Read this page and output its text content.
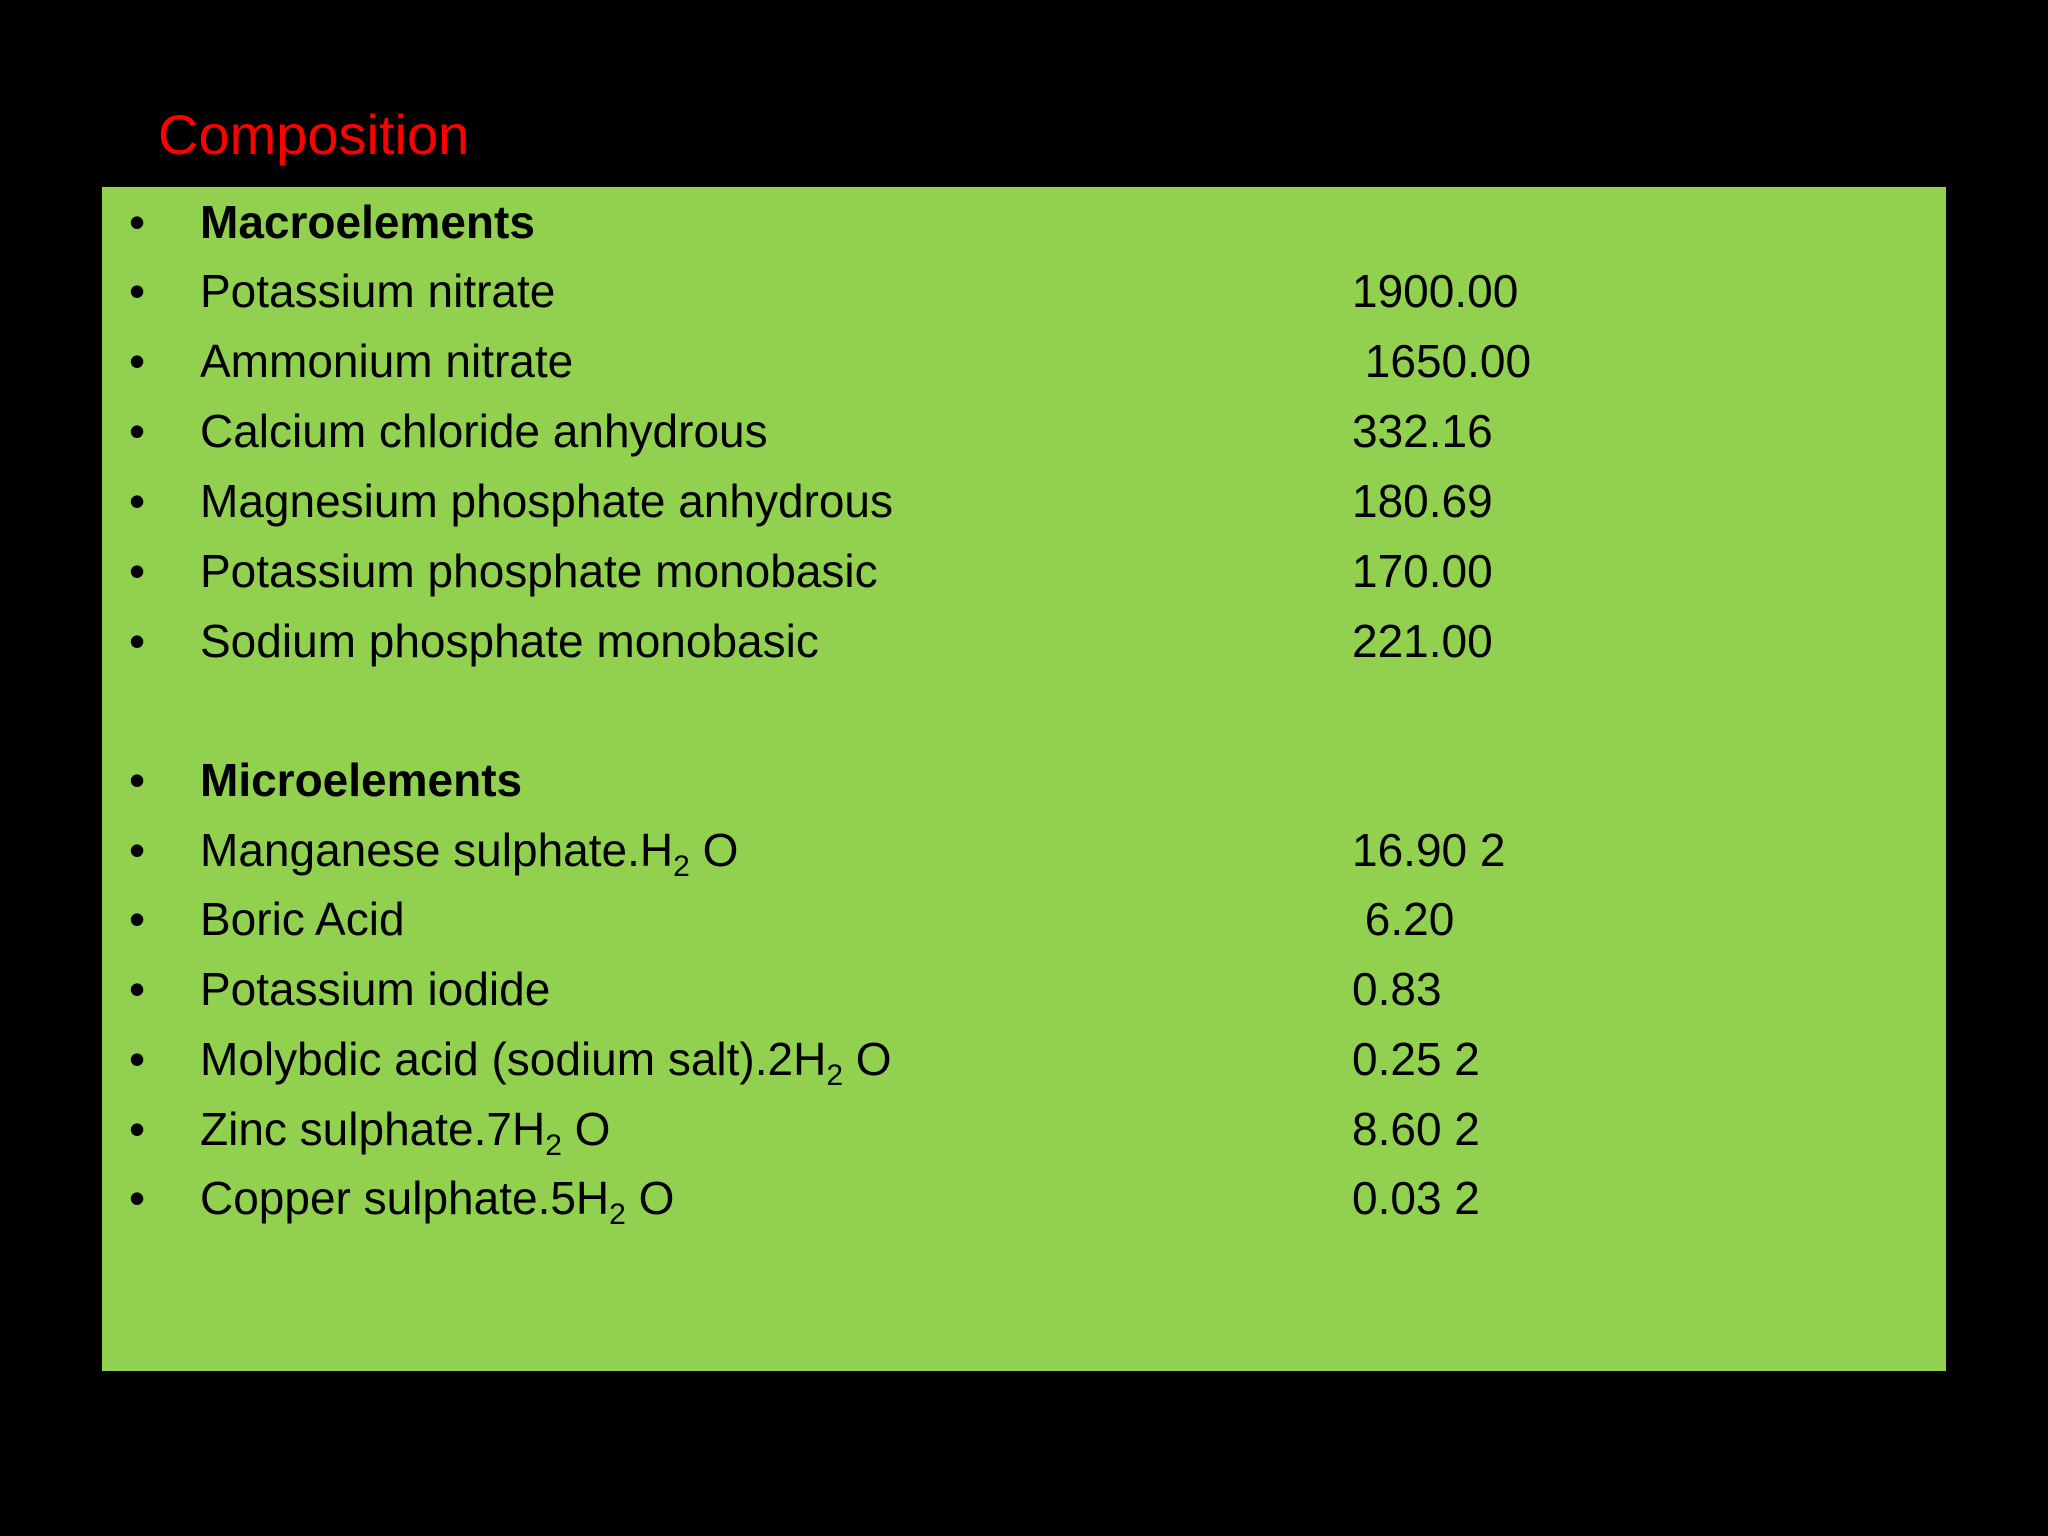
Composition
• Macroelements
• Potassium nitrate	1900.00
• Ammonium nitrate	1650.00
• Calcium chloride anhydrous	332.16
• Magnesium phosphate anhydrous	180.69
• Potassium phosphate monobasic	170.00
• Sodium phosphate monobasic	221.00
• Microelements
• Manganese $sulphate.H_2$ O	16.90 2
• Boric Acid	6.20
• Potassium iodide	0.83
• Molybdic acid (sodium $salt).2H_2$ O	0.25 2
• Zinc $sulphate.7H_2$ O	8.60 2
• Copper $sulphate.5H_2$ O	0.03 2
